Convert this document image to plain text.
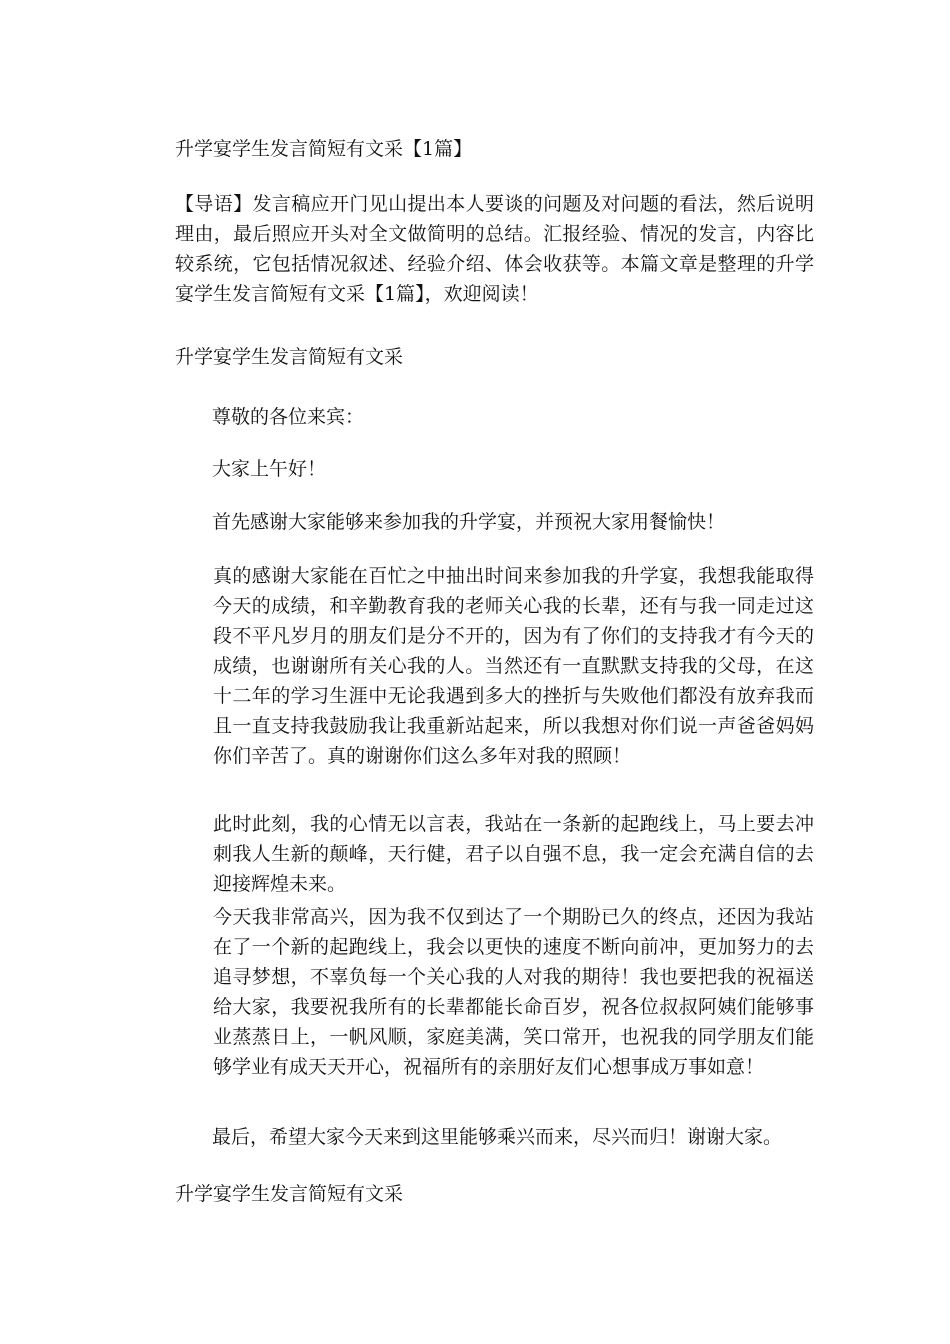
升学宴学生发言简短有文采【1篇】
【导语】发言稿应开门见山提出本人要谈的问题及对问题的看法，然后说明理由，最后照应开头对全文做简明的总结。汇报经验、情况的发言，内容比较系统，它包括情况叙述、经验介绍、体会收获等。本篇文章是整理的升学宴学生发言简短有文采【1篇】，欢迎阅读！
升学宴学生发言简短有文采
尊敬的各位来宾：
大家上午好！
首先感谢大家能够来参加我的升学宴，并预祝大家用餐愉快！
真的感谢大家能在百忙之中抽出时间来参加我的升学宴，我想我能取得今天的成绩，和辛勤教育我的老师关心我的长辈，还有与我一同走过这段不平凡岁月的朋友们是分不开的，因为有了你们的支持我才有今天的成绩，也谢谢所有关心我的人。当然还有一直默默支持我的父母，在这十二年的学习生涯中无论我遇到多大的挫折与失败他们都没有放弃我而且一直支持我鼓励我让我重新站起来，所以我想对你们说一声爸爸妈妈你们辛苦了。真的谢谢你们这么多年对我的照顾！
此时此刻，我的心情无以言表，我站在一条新的起跑线上，马上要去冲刺我人生新的颠峰，天行健，君子以自强不息，我一定会充满自信的去迎接辉煌未来。
今天我非常高兴，因为我不仅到达了一个期盼已久的终点，还因为我站在了一个新的起跑线上，我会以更快的速度不断向前冲，更加努力的去追寻梦想，不辜负每一个关心我的人对我的期待！我也要把我的祝福送给大家，我要祝我所有的长辈都能长命百岁，祝各位叔叔阿姨们能够事业蒸蒸日上，一帆风顺，家庭美满，笑口常开，也祝我的同学朋友们能够学业有成天天开心，祝福所有的亲朋好友们心想事成万事如意！
最后，希望大家今天来到这里能够乘兴而来，尽兴而归！谢谢大家。
升学宴学生发言简短有文采
